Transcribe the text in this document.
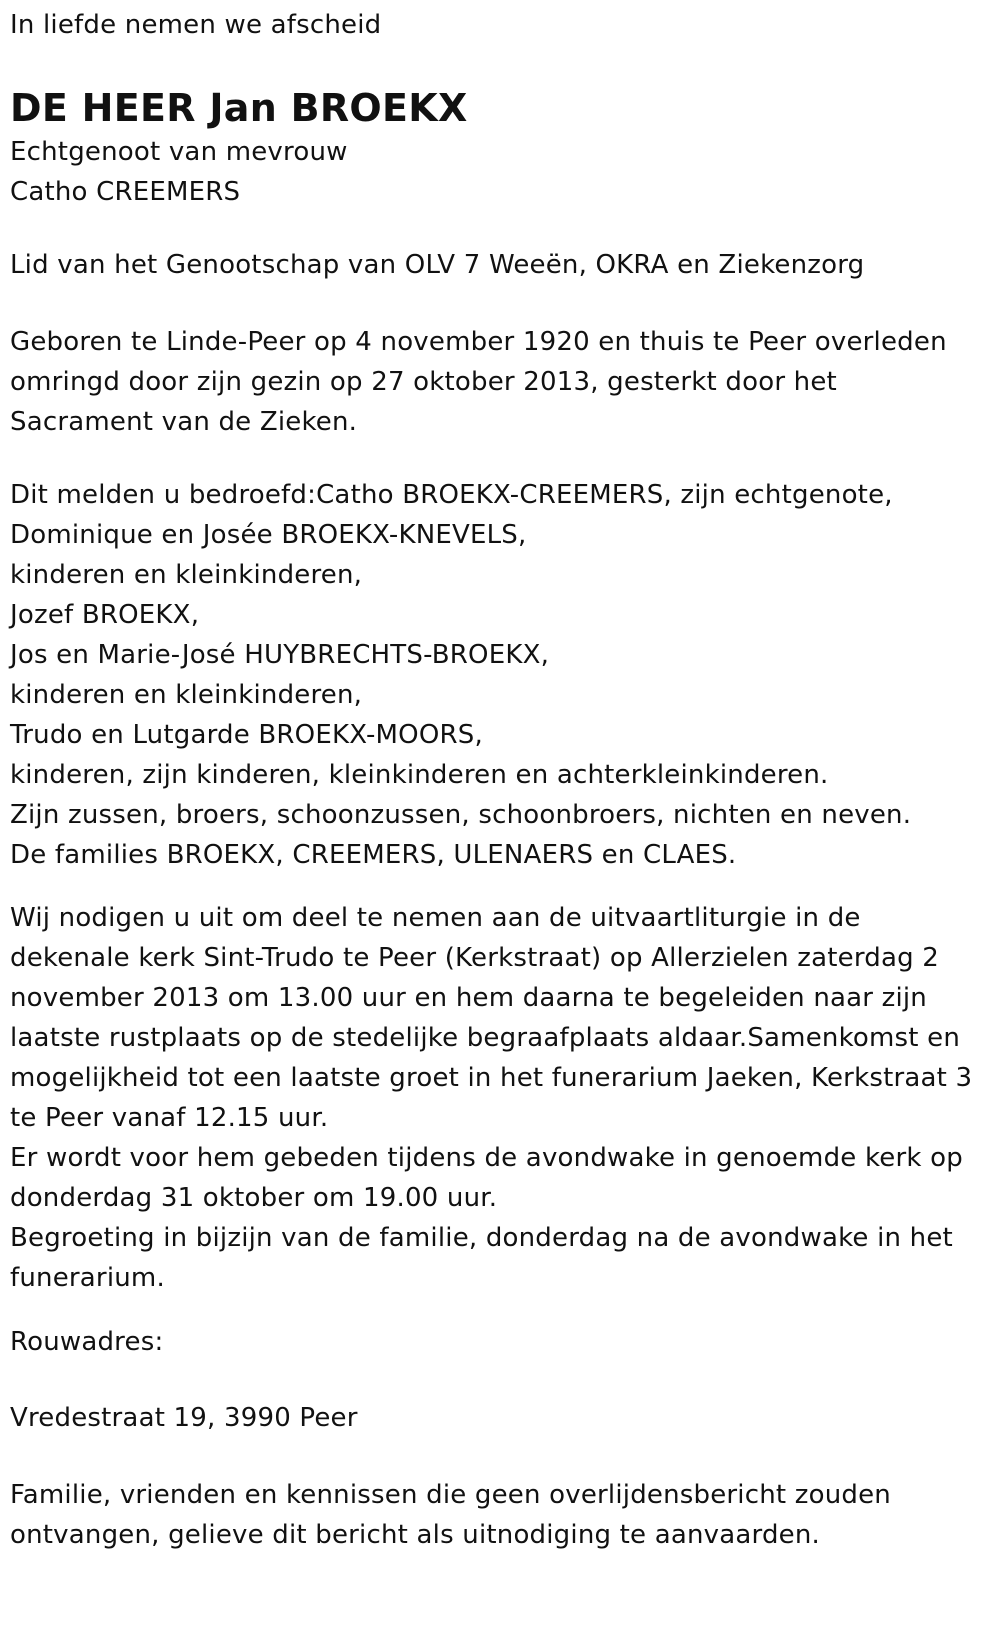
In liefde nemen we afscheid

DE HEER Jan BROEKX

Echtgenoot van mevrouw

Catho CREEMERS

Lid van het Genootschap van OLV 7 Weeën, OKRA en Ziekenzorg

Geboren te Linde-Peer op 4 november 1920 en thuis te Peer overleden

omringd door zijn gezin op 27 oktober 2013, gesterkt door het

Sacrament van de Zieken.

Dit melden u bedroefd:Catho BROEKX-CREEMERS, zijn echtgenote,

Dominique en Josée BROEKX-KNEVELS,

kinderen en kleinkinderen,

Jozef BROEKX,

Jos en Marie-José HUYBRECHTS-BROEKX,

kinderen en kleinkinderen,

Trudo en Lutgarde BROEKX-MOORS,

kinderen, zijn kinderen, kleinkinderen en achterkleinkinderen.

Zijn zussen, broers, schoonzussen, schoonbroers, nichten en neven.

De families BROEKX, CREEMERS, ULENAERS en CLAES.

Wij nodigen u uit om deel te nemen aan de uitvaartliturgie in de

dekenale kerk Sint-Trudo te Peer (Kerkstraat) op Allerzielen zaterdag 2

november 2013 om 13.00 uur en hem daarna te begeleiden naar zijn

laatste rustplaats op de stedelijke begraafplaats aldaar.Samenkomst en

mogelijkheid tot een laatste groet in het funerarium Jaeken, Kerkstraat 3

te Peer vanaf 12.15 uur.

Er wordt voor hem gebeden tijdens de avondwake in genoemde kerk op

donderdag 31 oktober om 19.00 uur.

Begroeting in bijzijn van de familie, donderdag na de avondwake in het

funerarium.

Rouwadres:

Vredestraat 19, 3990 Peer

Familie, vrienden en kennissen die geen overlijdensbericht zouden

ontvangen, gelieve dit bericht als uitnodiging te aanvaarden.
